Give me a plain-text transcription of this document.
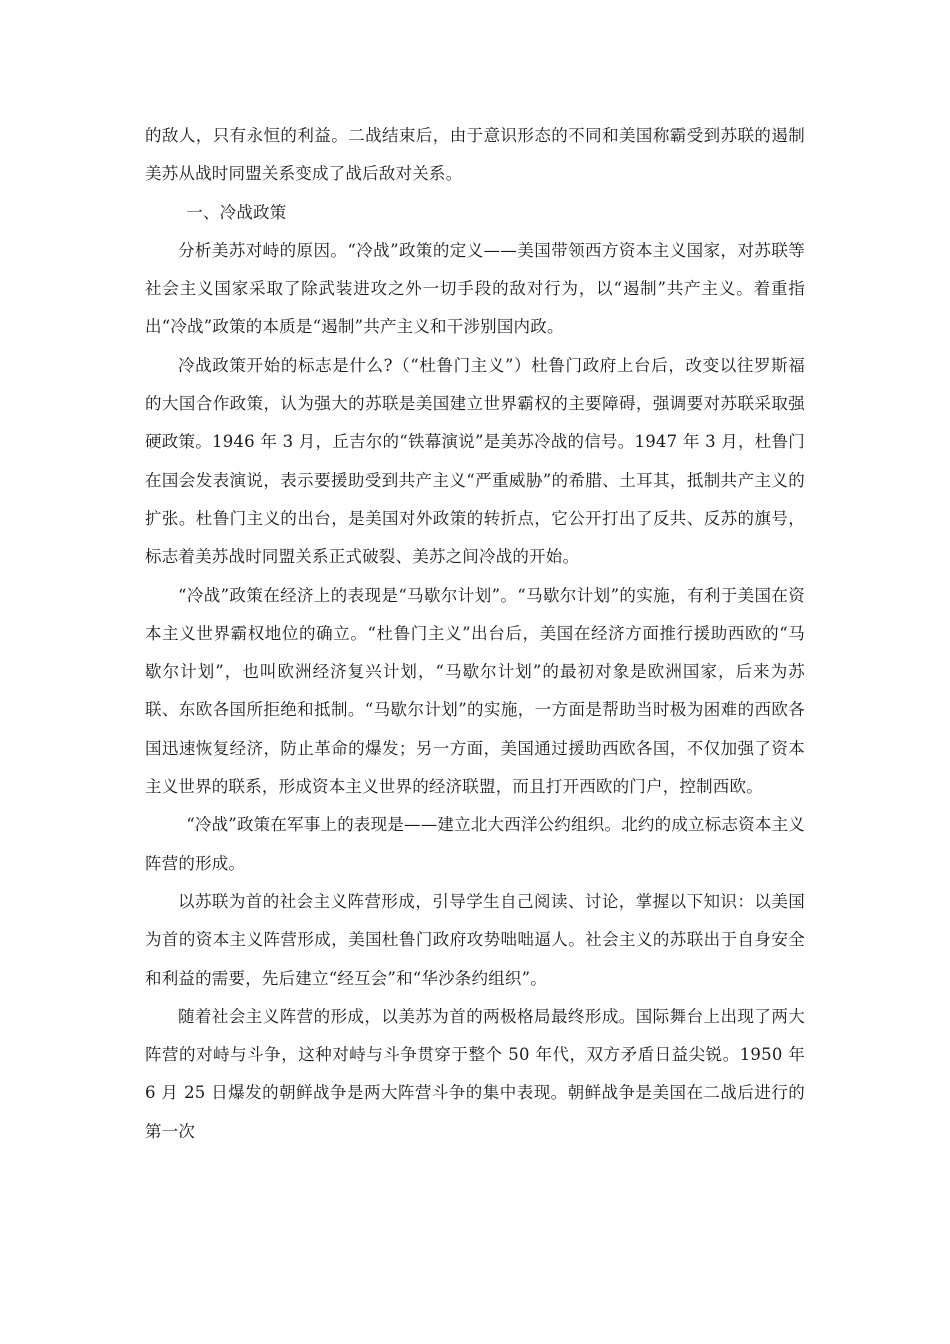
的敌人，只有永恒的利益。二战结束后，由于意识形态的不同和美国称霸受到苏联的遏制美苏从战时同盟关系变成了战后敌对关系。

一、冷战政策

分析美苏对峙的原因。“冷战”政策的定义——美国带领西方资本主义国家，对苏联等社会主义国家采取了除武装进攻之外一切手段的敌对行为，以“遏制”共产主义。着重指出“冷战”政策的本质是“遏制”共产主义和干涉别国内政。

冷战政策开始的标志是什么?（“杜鲁门主义”）杜鲁门政府上台后，改变以往罗斯福的大国合作政策，认为强大的苏联是美国建立世界霸权的主要障碍，强调要对苏联采取强硬政策。1946 年 3 月，丘吉尔的“铁幕演说”是美苏冷战的信号。1947 年 3 月，杜鲁门在国会发表演说，表示要援助受到共产主义“严重威胁”的希腊、土耳其，抵制共产主义的扩张。杜鲁门主义的出台，是美国对外政策的转折点，它公开打出了反共、反苏的旗号，标志着美苏战时同盟关系正式破裂、美苏之间冷战的开始。

“冷战”政策在经济上的表现是“马歇尔计划”。“马歇尔计划”的实施，有利于美国在资本主义世界霸权地位的确立。“杜鲁门主义”出台后，美国在经济方面推行援助西欧的“马歇尔计划”，也叫欧洲经济复兴计划，“马歇尔计划”的最初对象是欧洲国家，后来为苏联、东欧各国所拒绝和抵制。“马歇尔计划”的实施，一方面是帮助当时极为困难的西欧各国迅速恢复经济，防止革命的爆发；另一方面，美国通过援助西欧各国，不仅加强了资本主义世界的联系，形成资本主义世界的经济联盟，而且打开西欧的门户，控制西欧。

“冷战”政策在军事上的表现是——建立北大西洋公约组织。北约的成立标志资本主义阵营的形成。

以苏联为首的社会主义阵营形成，引导学生自己阅读、讨论，掌握以下知识：以美国为首的资本主义阵营形成，美国杜鲁门政府攻势咄咄逼人。社会主义的苏联出于自身安全和利益的需要，先后建立“经互会”和“华沙条约组织”。

随着社会主义阵营的形成，以美苏为首的两极格局最终形成。国际舞台上出现了两大阵营的对峙与斗争，这种对峙与斗争贯穿于整个 50 年代，双方矛盾日益尖锐。1950 年 6 月 25 日爆发的朝鲜战争是两大阵营斗争的集中表现。朝鲜战争是美国在二战后进行的第一次
